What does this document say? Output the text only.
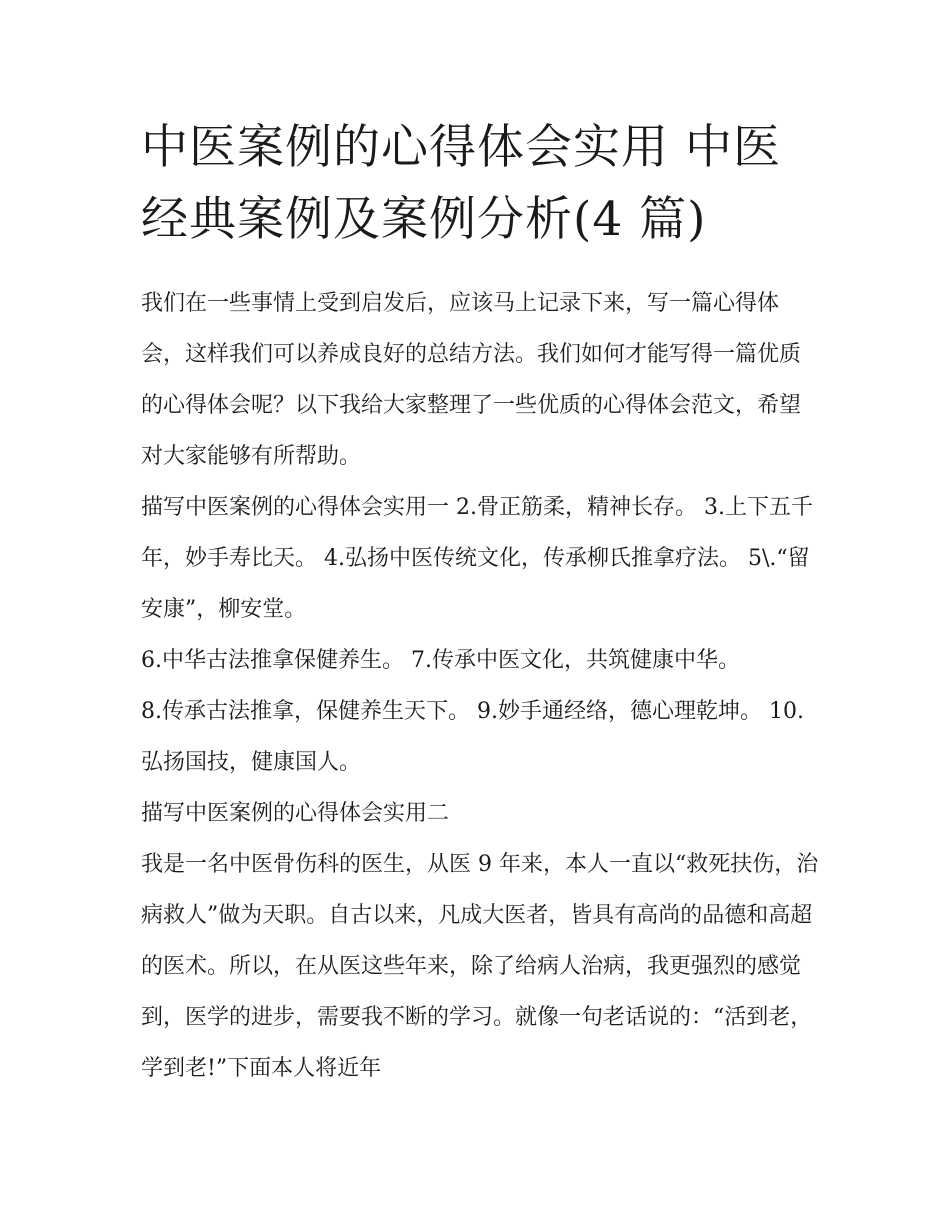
中医案例的心得体会实用 中医经典案例及案例分析(4 篇)

我们在一些事情上受到启发后，应该马上记录下来，写一篇心得体会，这样我们可以养成良好的总结方法。我们如何才能写得一篇优质的心得体会呢？以下我给大家整理了一些优质的心得体会范文，希望对大家能够有所帮助。

描写中医案例的心得体会实用一 2.骨正筋柔，精神长存。 3.上下五千年，妙手寿比天。 4.弘扬中医传统文化，传承柳氏推拿疗法。 5\.“留安康”，柳安堂。

6.中华古法推拿保健养生。 7.传承中医文化，共筑健康中华。

8.传承古法推拿，保健养生天下。 9.妙手通经络，德心理乾坤。 10.弘扬国技，健康国人。

描写中医案例的心得体会实用二

我是一名中医骨伤科的医生，从医 9 年来，本人一直以“救死扶伤，治病救人”做为天职。自古以来，凡成大医者，皆具有高尚的品德和高超的医术。所以，在从医这些年来，除了给病人治病，我更强烈的感觉到，医学的进步，需要我不断的学习。就像一句老话说的：“活到老，学到老!”下面本人将近年
